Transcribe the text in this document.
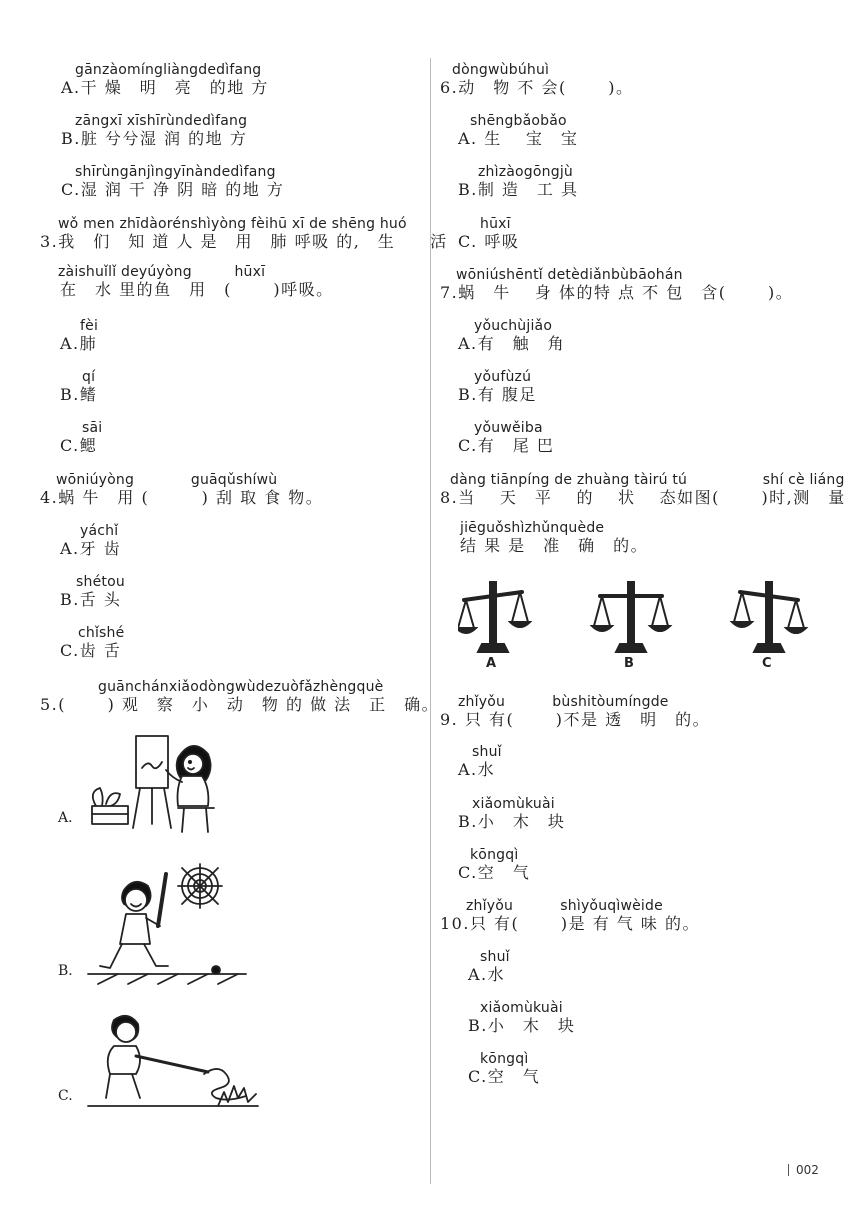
gānzàomíngliàngdedìfang
A.干 燥　明　亮　的地 方
zāngxī xīshīrùndedìfang
B.脏 兮兮湿 润 的地 方
shīrùngānjìngyīnàndedìfang
C.湿 润 干 净 阴 暗 的地 方
wǒ men zhīdàorénshìyòng fèihū xī de shēng huó
3.我　们　知 道 人 是　用　肺 呼吸 的,　生　　活
zàishuǐlǐ deyúyòng　　　hūxī
在　水 里的鱼　用　(　　 )呼吸。
fèi
A.肺
qí
B.鳍
sāi
C.鳃
wōniúyòng　　　　guāqǔshíwù
4.蜗 牛　用 (　　　) 刮 取 食 物。
yáchǐ
A.牙 齿
shétou
B.舌 头
chǐshé
C.齿 舌
guānchánxiǎodòngwùdezuòfǎzhèngquè
5.(　　 ) 观　察　小　动　物 的 做 法　正　确。
A.
B.
C.
dòngwùbúhuì
6.动　物 不 会(　　 )。
shēngbǎobǎo
A. 生　 宝　宝
zhìzàogōngjù
B.制 造　工 具
hūxī
C. 呼吸
wōniúshēntǐ detèdiǎnbùbāohán
7.蜗　牛　 身 体的特 点 不 包　含(　　 )。
yǒuchùjiǎo
A.有　触　角
yǒufùzú
B.有 腹足
yǒuwěiba
C.有　尾 巴
dàng tiānpíng de zhuàng tàirú tú　　　　　 shí cè liáng
8.当　 天　平　 的　 状　 态如图(　　 )时,测　量
jiēguǒshìzhǔnquède
结 果 是　准　确　的。
A	B	C
zhǐyǒu　　　 bùshitòumíngde
9. 只 有(　　 )不是 透　明　的。
shuǐ
A.水
xiǎomùkuài
B.小　木　块
kōngqì
C.空　气
zhǐyǒu　　　 shìyǒuqìwèide
10.只 有(　　 )是 有 气 味 的。
shuǐ
A.水
xiǎomùkuài
B.小　木　块
kōngqì
C.空　气
002
